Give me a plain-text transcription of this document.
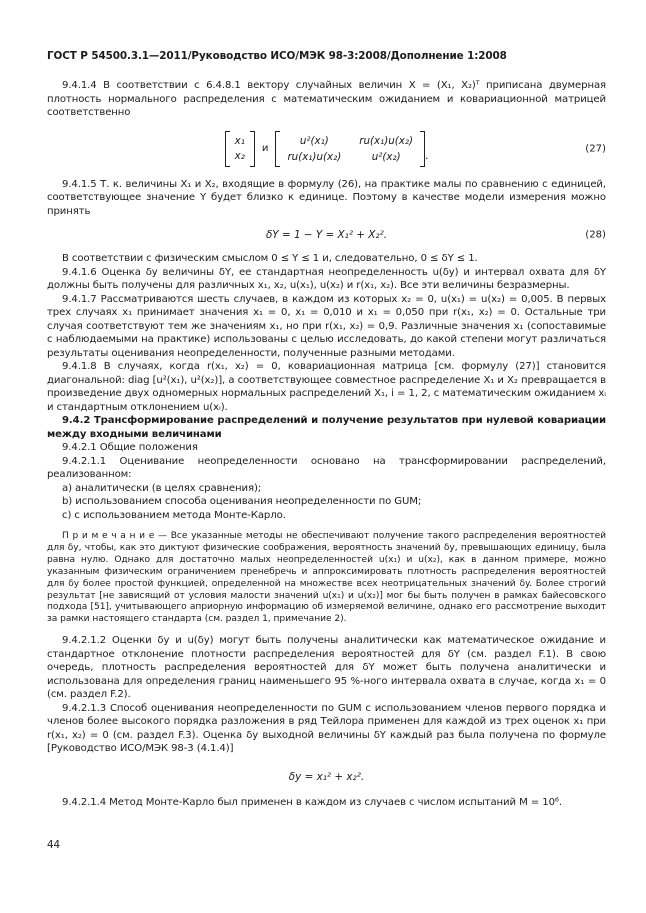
ГОСТ Р 54500.3.1—2011/Руководство ИСО/МЭК 98-3:2008/Дополнение 1:2008

9.4.1.4 В соответствии с 6.4.8.1 вектору случайных величин X = (X₁, X₂)ᵀ приписана двумерная плотность нормального распределения с математическим ожиданием и ковариационной матрицей соответственно

x₁
x₂
и
u²(x₁)	ru(x₁)u(x₂)
ru(x₁)u(x₂)	u²(x₂)	.
(27)

9.4.1.5 Т. к. величины X₁ и X₂, входящие в формулу (26), на практике малы по сравнению с единицей, соответствующее значение Y будет близко к единице. Поэтому в качестве модели измерения можно принять

δY = 1 − Y = X₁² + X₂².	(28)

В соответствии с физическим смыслом 0 ≤ Y ≤ 1 и, следовательно, 0 ≤ δY ≤ 1.

9.4.1.6 Оценка δy величины δY, ее стандартная неопределенность u(δy) и интервал охвата для δY должны быть получены для различных x₁, x₂, u(x₁), u(x₂) и r(x₁, x₂). Все эти величины безразмерны.

9.4.1.7 Рассматриваются шесть случаев, в каждом из которых x₂ = 0, u(x₁) = u(x₂) = 0,005. В первых трех случаях x₁ принимает значения x₁ = 0, x₁ = 0,010 и x₁ = 0,050 при r(x₁, x₂) = 0. Остальные три случая соответствуют тем же значениям x₁, но при r(x₁, x₂) = 0,9. Различные значения x₁ (сопоставимые с наблюдаемыми на практике) использованы с целью исследовать, до какой степени могут различаться результаты оценивания неопределенности, полученные разными методами.

9.4.1.8 В случаях, когда r(x₁, x₂) = 0, ковариационная матрица [см. формулу (27)] становится диагональной: diag [u²(x₁), u²(x₂)], а соответствующее совместное распределение X₁ и X₂ превращается в произведение двух одномерных нормальных распределений X₁, i = 1, 2, с математическим ожиданием xᵢ и стандартным отклонением u(xᵢ).

9.4.2 Трансформирование распределений и получение результатов при нулевой ковариации между входными величинами

9.4.2.1 Общие положения

9.4.2.1.1 Оценивание неопределенности основано на трансформировании распределений, реализованном:

a) аналитически (в целях сравнения);

b) использованием способа оценивания неопределенности по GUM;

c) с использованием метода Монте-Карло.

П р и м е ч а н и е — Все указанные методы не обеспечивают получение такого распределения вероятностей для δy, чтобы, как это диктуют физические соображения, вероятность значений δy, превышающих единицу, была равна нулю. Однако для достаточно малых неопределенностей u(x₁) и u(x₂), как в данном примере, можно указанным физическим ограничением пренебречь и аппроксимировать плотность распределения вероятностей для δy более простой функцией, определенной на множестве всех неотрицательных значений δy. Более строгий результат [не зависящий от условия малости значений u(x₁) и u(x₂)] мог бы быть получен в рамках байесовского подхода [51], учитывающего априорную информацию об измеряемой величине, однако его рассмотрение выходит за рамки настоящего стандарта (см. раздел 1, примечание 2).

9.4.2.1.2 Оценки δy и u(δy) могут быть получены аналитически как математическое ожидание и стандартное отклонение плотности распределения вероятностей для δY (см. раздел F.1). В свою очередь, плотность распределения вероятностей для δY может быть получена аналитически и использована для определения границ наименьшего 95 %-ного интервала охвата в случае, когда x₁ = 0 (см. раздел F.2).

9.4.2.1.3 Способ оценивания неопределенности по GUM с использованием членов первого порядка и членов более высокого порядка разложения в ряд Тейлора применен для каждой из трех оценок x₁ при r(x₁, x₂) = 0 (см. раздел F.3). Оценка δy выходной величины δY каждый раз была получена по формуле [Руководство ИСО/МЭК 98-3 (4.1.4)]

δy = x₁² + x₂².

9.4.2.1.4 Метод Монте-Карло был применен в каждом из случаев с числом испытаний M = 10⁶.

44
